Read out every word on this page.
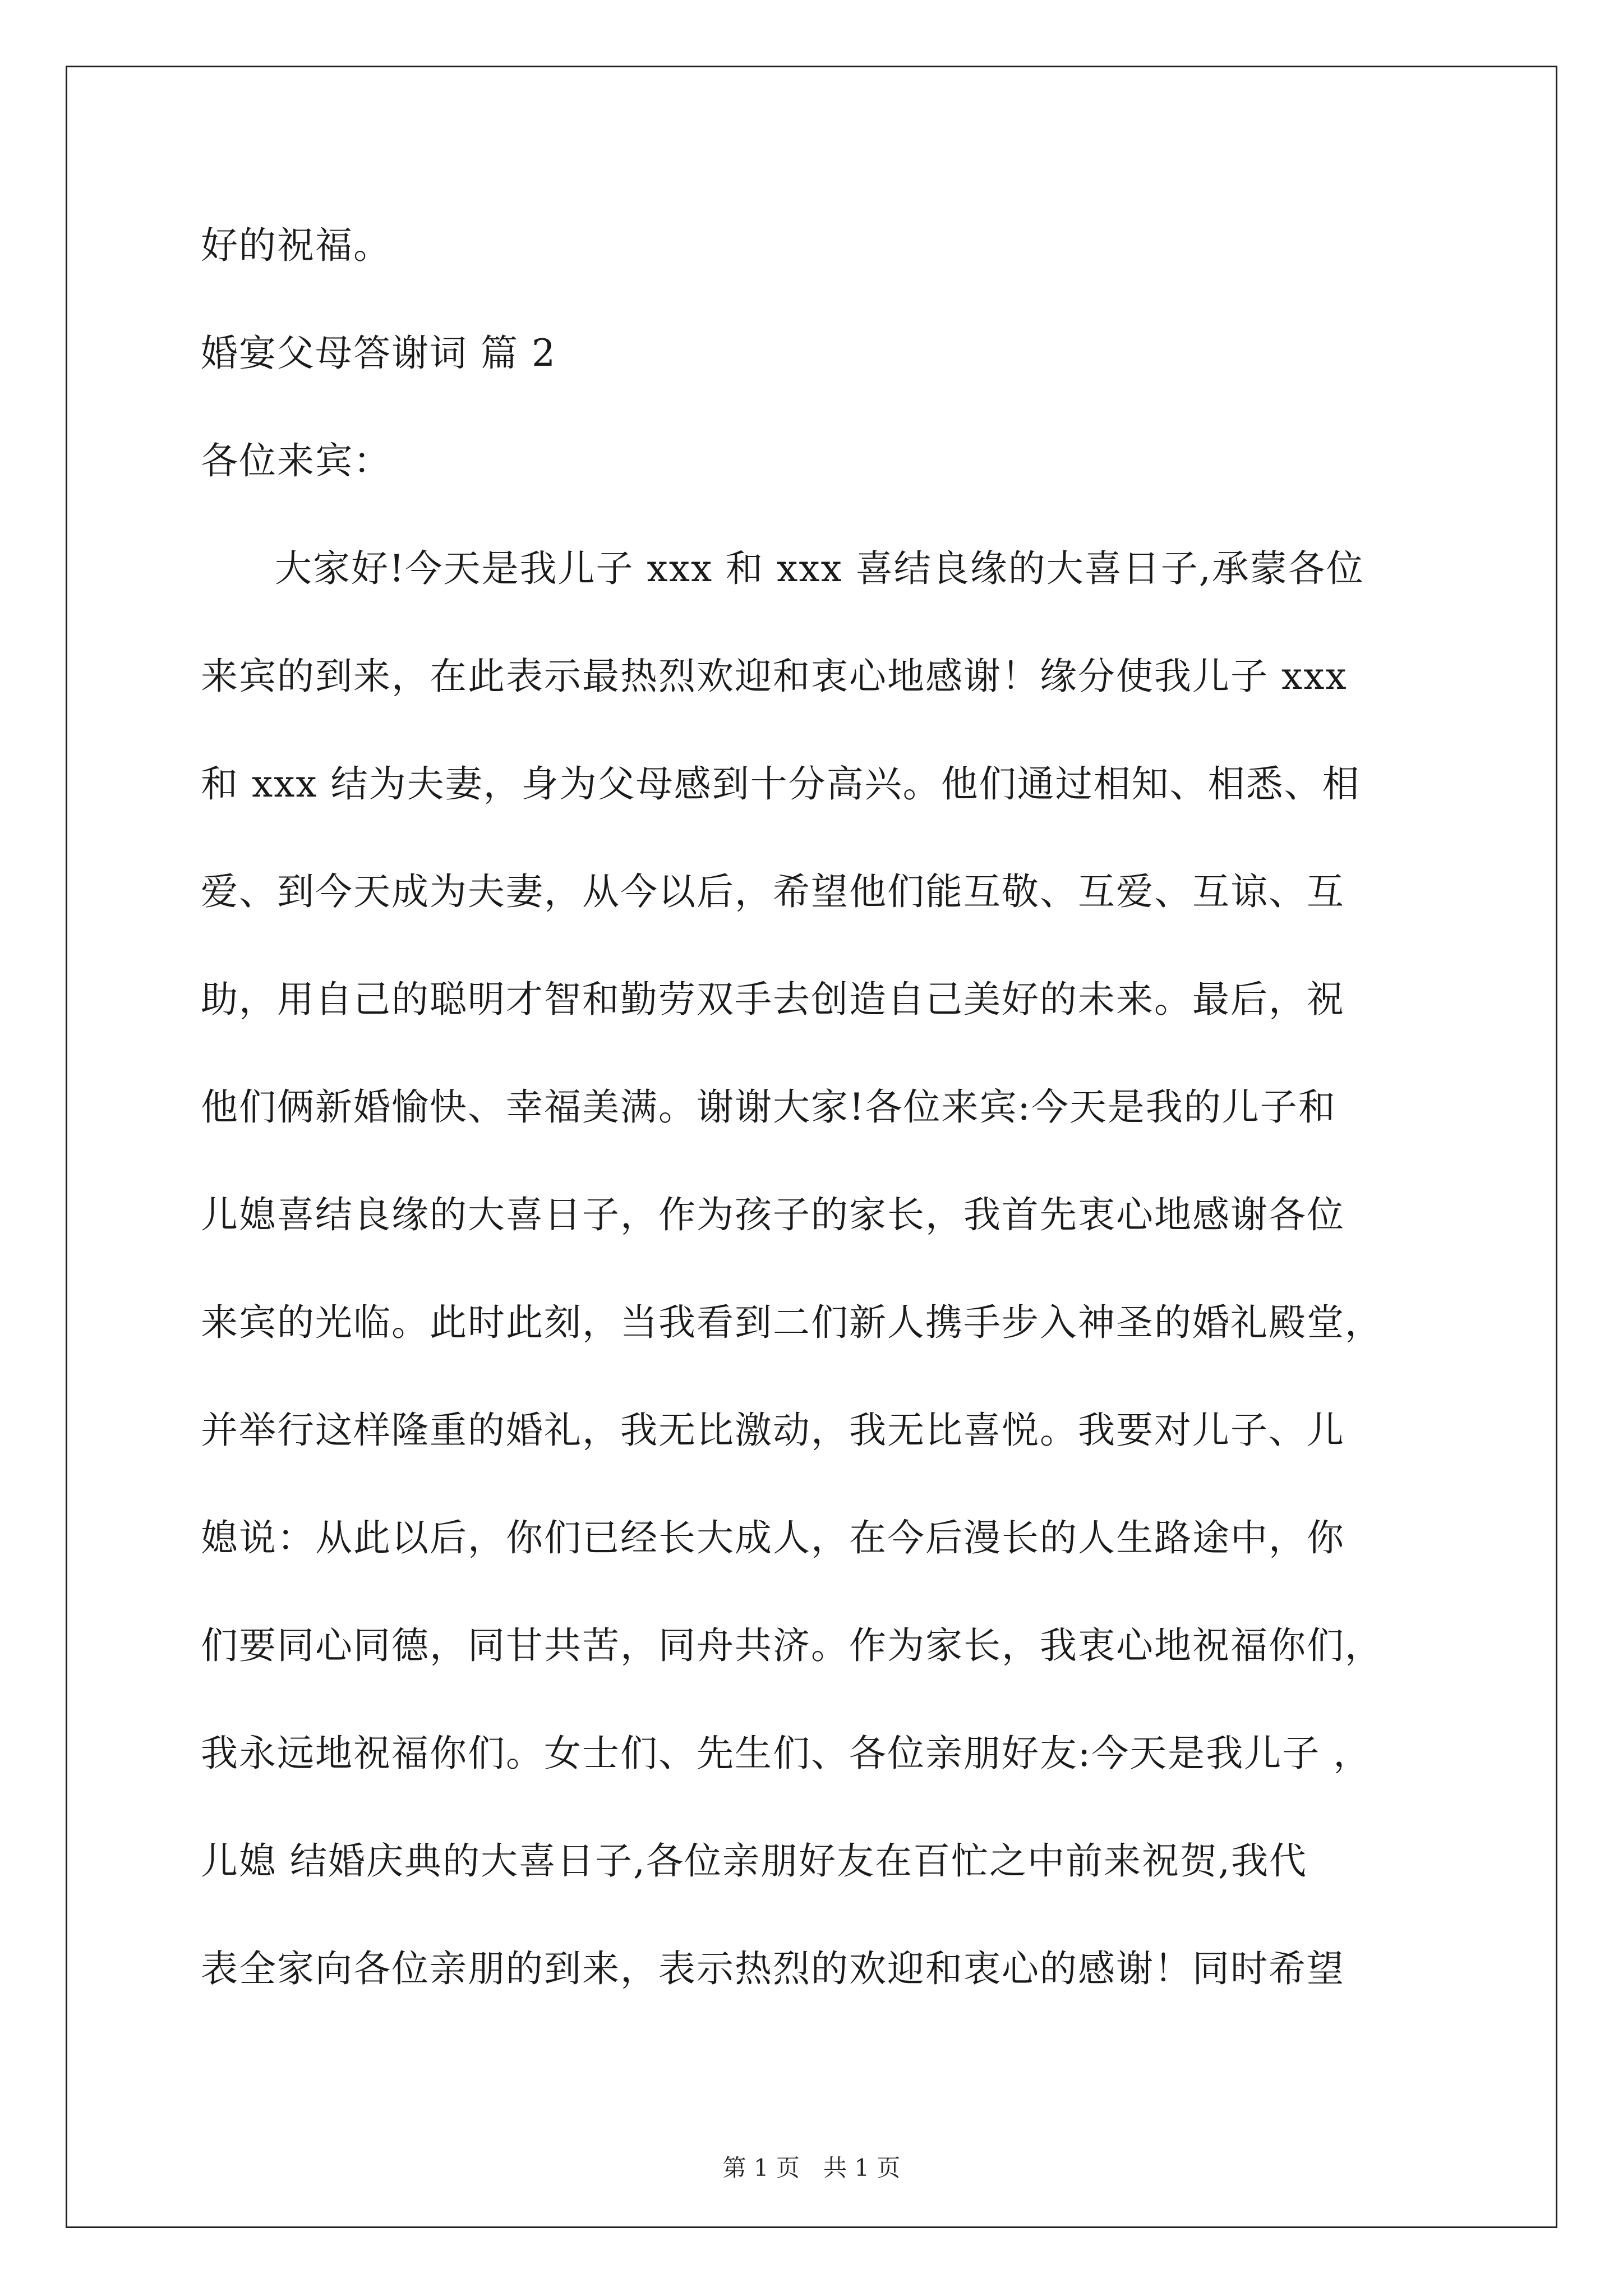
好的祝福。
婚宴父母答谢词 篇 2
各位来宾：
大家好!今天是我儿子 xxx 和 xxx 喜结良缘的大喜日子,承蒙各位
来宾的到来，在此表示最热烈欢迎和衷心地感谢！缘分使我儿子 xxx
和 xxx 结为夫妻，身为父母感到十分高兴。他们通过相知、相悉、相
爱、到今天成为夫妻，从今以后，希望他们能互敬、互爱、互谅、互
助，用自己的聪明才智和勤劳双手去创造自己美好的未来。最后，祝
他们俩新婚愉快、幸福美满。谢谢大家!各位来宾:今天是我的儿子和
儿媳喜结良缘的大喜日子，作为孩子的家长，我首先衷心地感谢各位
来宾的光临。此时此刻，当我看到二们新人携手步入神圣的婚礼殿堂，
并举行这样隆重的婚礼，我无比激动，我无比喜悦。我要对儿子、儿
媳说：从此以后，你们已经长大成人，在今后漫长的人生路途中，你
们要同心同德，同甘共苦，同舟共济。作为家长，我衷心地祝福你们，
我永远地祝福你们。女士们、先生们、各位亲朋好友:今天是我儿子 ，
儿媳 结婚庆典的大喜日子,各位亲朋好友在百忙之中前来祝贺,我代
表全家向各位亲朋的到来，表示热烈的欢迎和衷心的感谢！同时希望
第 1 页　共 1 页
